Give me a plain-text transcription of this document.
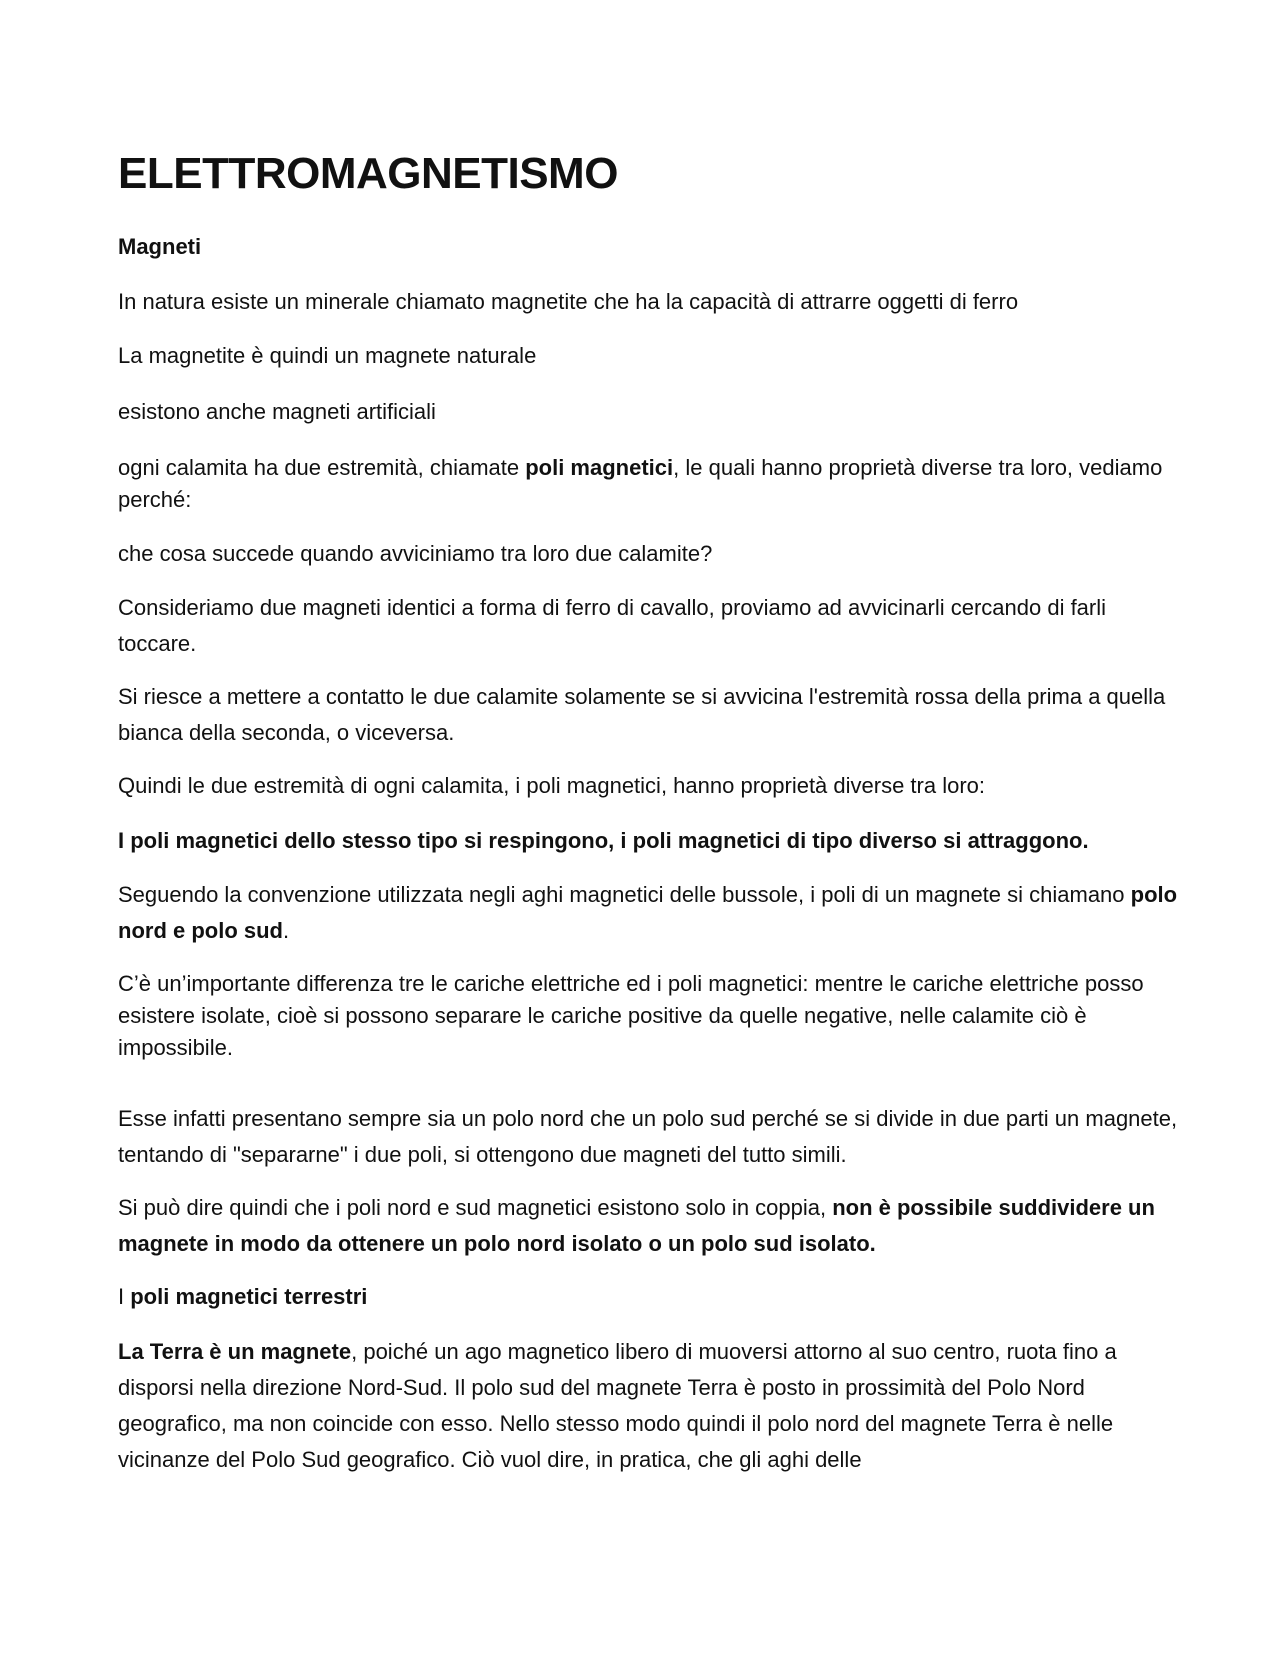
ELETTROMAGNETISMO

Magneti

In natura esiste un minerale chiamato magnetite che ha la capacità di attrarre oggetti di ferro

La magnetite è quindi un magnete naturale

esistono anche magneti artificiali

ogni calamita ha due estremità, chiamate poli magnetici, le quali hanno proprietà diverse tra loro, vediamo perché:

che cosa succede quando avviciniamo tra loro due calamite?

Consideriamo due magneti identici a forma di ferro di cavallo, proviamo ad avvicinarli cercando di farli toccare.

Si riesce a mettere a contatto le due calamite solamente se si avvicina l'estremità rossa della prima a quella bianca della seconda, o viceversa.

Quindi le due estremità di ogni calamita, i poli magnetici, hanno proprietà diverse tra loro:

I poli magnetici dello stesso tipo si respingono, i poli magnetici di tipo diverso si attraggono.

Seguendo la convenzione utilizzata negli aghi magnetici delle bussole, i poli di un magnete si chiamano polo nord e polo sud.

C’è un’importante differenza tre le cariche elettriche ed i poli magnetici: mentre le cariche elettriche posso esistere isolate, cioè si possono separare le cariche positive da quelle negative, nelle calamite ciò è impossibile.

Esse infatti presentano sempre sia un polo nord che un polo sud perché se si divide in due parti un magnete, tentando di "separarne" i due poli, si ottengono due magneti del tutto simili.

Si può dire quindi che i poli nord e sud magnetici esistono solo in coppia, non è possibile suddividere un magnete in modo da ottenere un polo nord isolato o un polo sud isolato.

I poli magnetici terrestri

La Terra è un magnete, poiché un ago magnetico libero di muoversi attorno al suo centro, ruota fino a disporsi nella direzione Nord-Sud. Il polo sud del magnete Terra è posto in prossimità del Polo Nord geografico, ma non coincide con esso. Nello stesso modo quindi il polo nord del magnete Terra è nelle vicinanze del Polo Sud geografico. Ciò vuol dire, in pratica, che gli aghi delle
